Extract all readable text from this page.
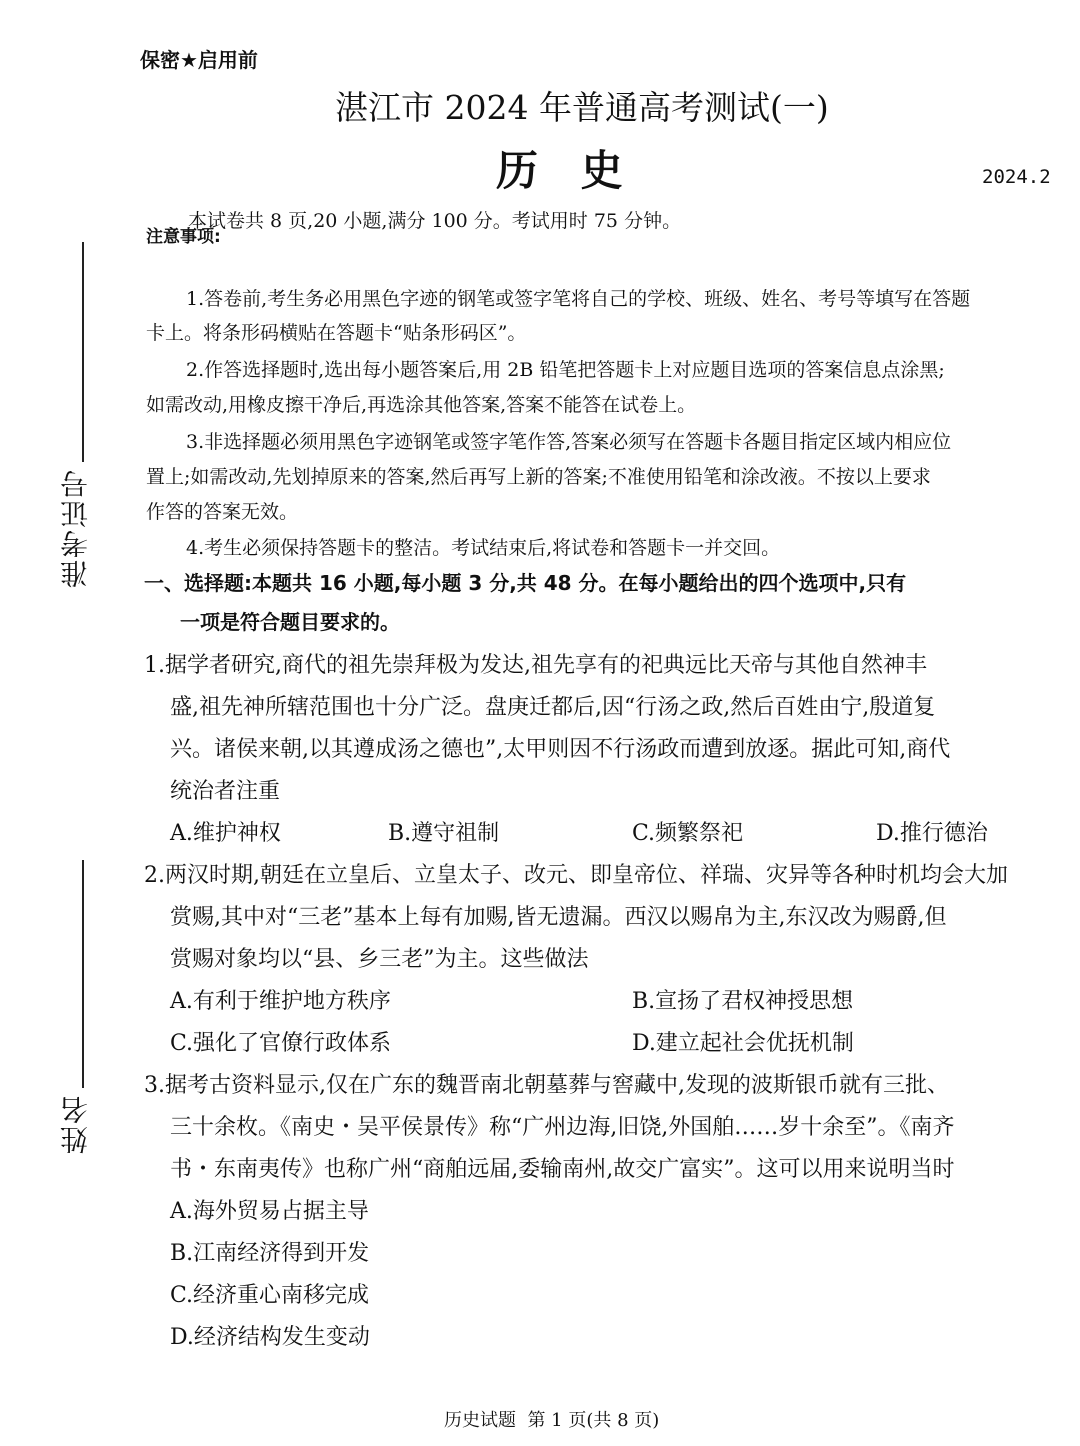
准考证号
姓名
保密★启用前
湛江市 2024 年普通高考测试(一)
历 史	2024.2
本试卷共 8 页,20 小题,满分 100 分。考试用时 75 分钟。
注意事项:
1.答卷前,考生务必用黑色字迹的钢笔或签字笔将自己的学校、班级、姓名、考号等填写在答题
卡上。将条形码横贴在答题卡“贴条形码区”。
2.作答选择题时,选出每小题答案后,用 2B 铅笔把答题卡上对应题目选项的答案信息点涂黑;
如需改动,用橡皮擦干净后,再选涂其他答案,答案不能答在试卷上。
3.非选择题必须用黑色字迹钢笔或签字笔作答,答案必须写在答题卡各题目指定区域内相应位
置上;如需改动,先划掉原来的答案,然后再写上新的答案;不准使用铅笔和涂改液。不按以上要求
作答的答案无效。
4.考生必须保持答题卡的整洁。考试结束后,将试卷和答题卡一并交回。
一、选择题:本题共 16 小题,每小题 3 分,共 48 分。在每小题给出的四个选项中,只有
一项是符合题目要求的。
1.据学者研究,商代的祖先崇拜极为发达,祖先享有的祀典远比天帝与其他自然神丰
盛,祖先神所辖范围也十分广泛。盘庚迁都后,因“行汤之政,然后百姓由宁,殷道复
兴。诸侯来朝,以其遵成汤之德也”,太甲则因不行汤政而遭到放逐。据此可知,商代
统治者注重
A.维护神权	B.遵守祖制	C.频繁祭祀	D.推行德治
2.两汉时期,朝廷在立皇后、立皇太子、改元、即皇帝位、祥瑞、灾异等各种时机均会大加
赏赐,其中对“三老”基本上每有加赐,皆无遗漏。西汉以赐帛为主,东汉改为赐爵,但
赏赐对象均以“县、乡三老”为主。这些做法
A.有利于维护地方秩序	B.宣扬了君权神授思想
C.强化了官僚行政体系	D.建立起社会优抚机制
3.据考古资料显示,仅在广东的魏晋南北朝墓葬与窖藏中,发现的波斯银币就有三批、
三十余枚。《南史・吴平侯景传》称“广州边海,旧饶,外国舶……岁十余至”。《南齐
书・东南夷传》也称广州“商舶远届,委输南州,故交广富实”。这可以用来说明当时
A.海外贸易占据主导
B.江南经济得到开发
C.经济重心南移完成
D.经济结构发生变动
历史试题  第 1 页(共 8 页)
